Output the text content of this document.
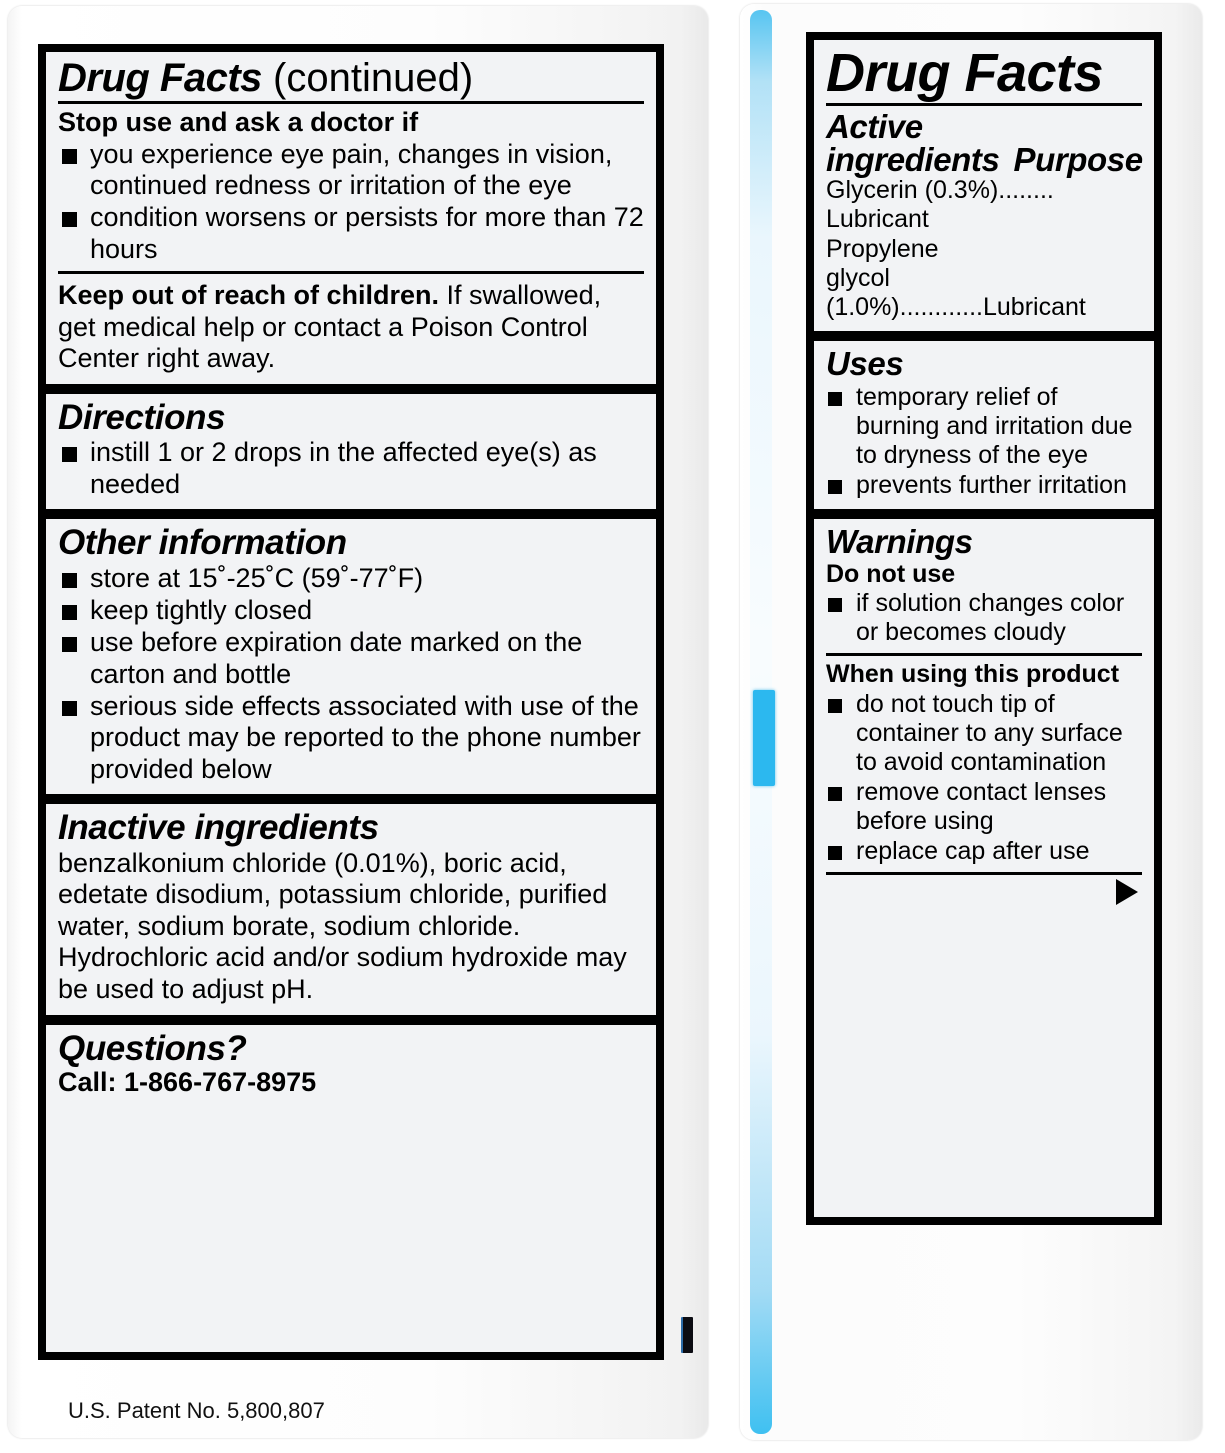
Drug Facts (continued)
Stop use and ask a doctor if
you experience eye pain, changes in vision, continued redness or irritation of the eye
condition worsens or persists for more than 72 hours
Keep out of reach of children. If swallowed, get medical help or contact a Poison Control Center right away.
Directions
instill 1 or 2 drops in the affected eye(s) as needed
Other information
store at 15˚-25˚C (59˚-77˚F)
keep tightly closed
use before expiration date marked on the carton and bottle
serious side effects associated with use of the product may be reported to the phone number provided below
Inactive ingredients
benzalkonium chloride (0.01%), boric acid, edetate disodium, potassium chloride, purified water, sodium borate, sodium chloride. Hydrochloric acid and/or sodium hydroxide may be used to adjust pH.
Questions?
Call: 1-866-767-8975
U.S. Patent No. 5,800,807
Drug Facts
Active
ingredients Purpose
Glycerin (0.3%)........ Lubricant
Propylene
glycol (1.0%)............Lubricant
Uses
temporary relief of burning and irritation due to dryness of the eye
prevents further irritation
Warnings
Do not use
if solution changes color or becomes cloudy
When using this product
do not touch tip of container to any surface to avoid contamination
remove contact lenses before using
replace cap after use
